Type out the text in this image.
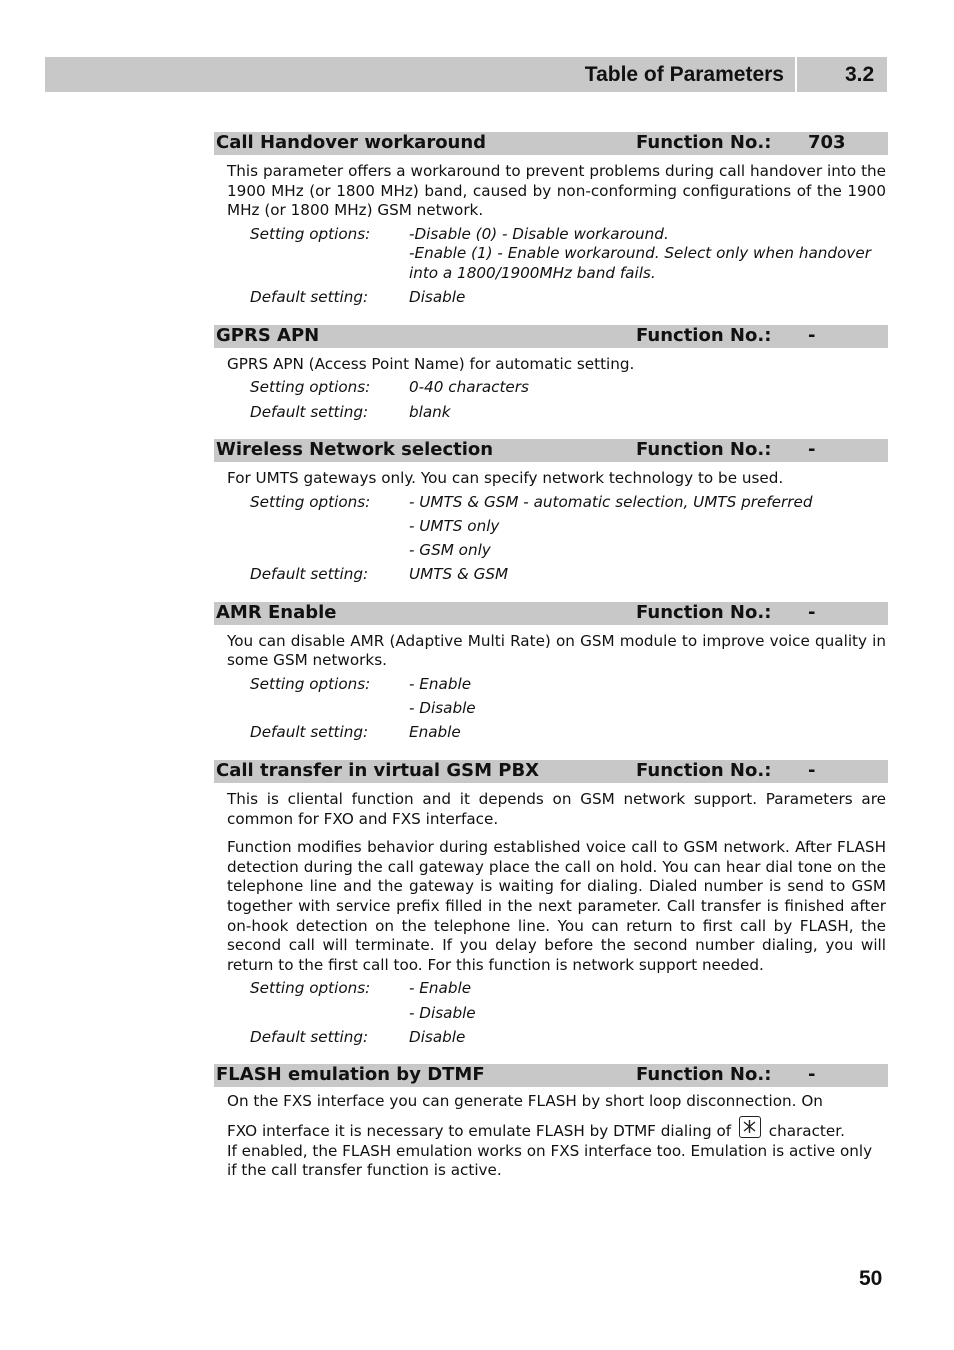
Table of Parameters	3.2
Call Handover workaround	Function No.: 703
This parameter offers a workaround to prevent problems during call handover into the 1900 MHz (or 1800 MHz) band, caused by non-conforming configurations of the 1900 MHz (or 1800 MHz) GSM network.
Setting options:	-Disable (0) - Disable workaround.
-Enable (1) - Enable workaround. Select only when handover into a 1800/1900MHz band fails.
Default setting:	Disable
GPRS APN	Function No.: -
GPRS APN (Access Point Name) for automatic setting.
Setting options:	0-40 characters
Default setting:	blank
Wireless Network selection	Function No.: -
For UMTS gateways only. You can specify network technology to be used.
Setting options:	- UMTS & GSM - automatic selection, UMTS preferred
- UMTS only
- GSM only
Default setting:	UMTS & GSM
AMR Enable	Function No.: -
You can disable AMR (Adaptive Multi Rate) on GSM module to improve voice quality in some GSM networks.
Setting options:	- Enable
- Disable
Default setting:	Enable
Call transfer in virtual GSM PBX	Function No.: -
This is cliental function and it depends on GSM network support. Parameters are common for FXO and FXS interface.
Function modifies behavior during established voice call to GSM network. After FLASH detection during the call gateway place the call on hold. You can hear dial tone on the telephone line and the gateway is waiting for dialing. Dialed number is send to GSM together with service prefix filled in the next parameter. Call transfer is finished after on-hook detection on the telephone line. You can return to first call by FLASH, the second call will terminate. If you delay before the second number dialing, you will return to the first call too. For this function is network support needed.
Setting options:	- Enable
- Disable
Default setting:	Disable
FLASH emulation by DTMF	Function No.: -
On the FXS interface you can generate FLASH by short loop disconnection. On
FXO interface it is necessary to emulate FLASH by DTMF dialing of character.
If enabled, the FLASH emulation works on FXS interface too. Emulation is active only if the call transfer function is active.
50
